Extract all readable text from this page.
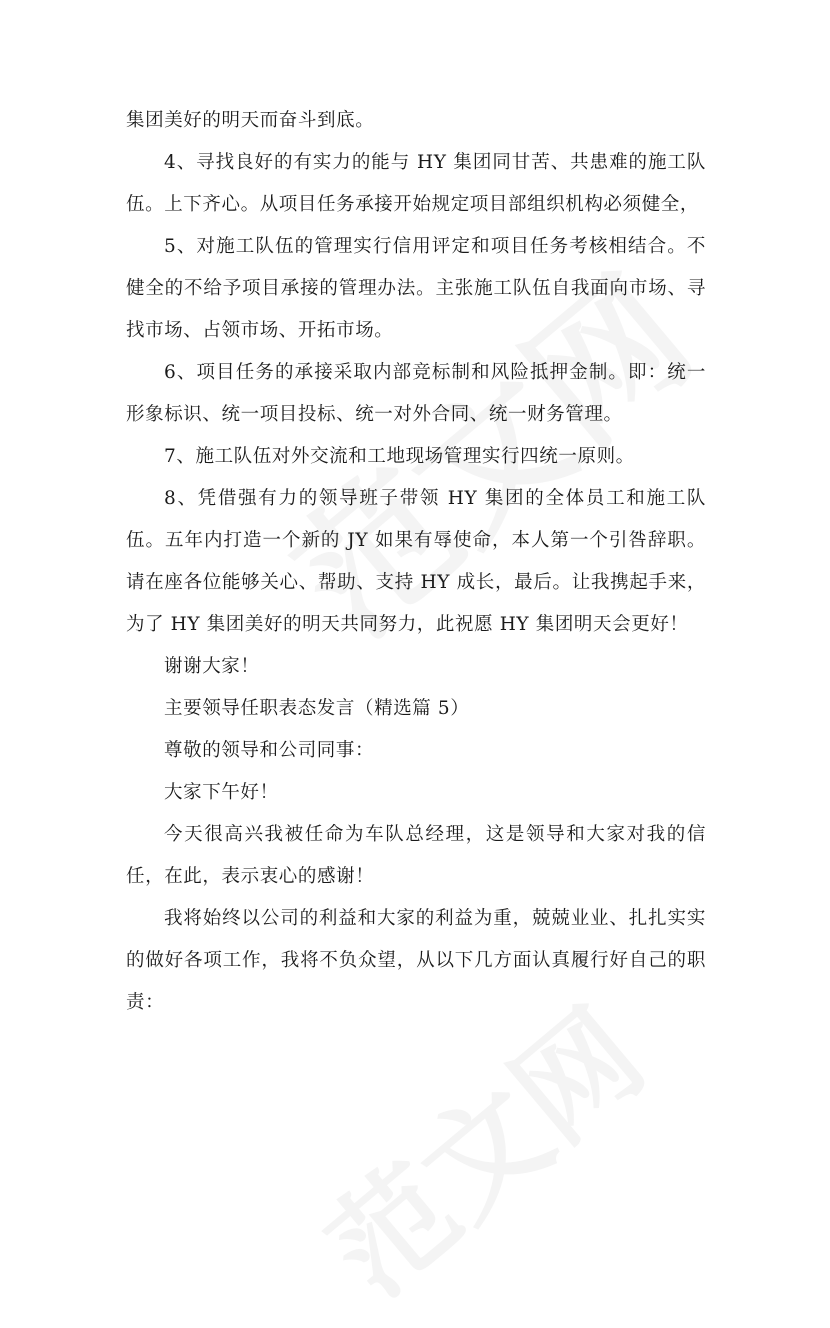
集团美好的明天而奋斗到底。

4、寻找良好的有实力的能与 HY 集团同甘苦、共患难的施工队伍。上下齐心。从项目任务承接开始规定项目部组织机构必须健全，

5、对施工队伍的管理实行信用评定和项目任务考核相结合。不健全的不给予项目承接的管理办法。主张施工队伍自我面向市场、寻找市场、占领市场、开拓市场。

6、项目任务的承接采取内部竞标制和风险抵押金制。即：统一形象标识、统一项目投标、统一对外合同、统一财务管理。

7、施工队伍对外交流和工地现场管理实行四统一原则。

8、凭借强有力的领导班子带领 HY 集团的全体员工和施工队伍。五年内打造一个新的 JY 如果有辱使命，本人第一个引咎辞职。请在座各位能够关心、帮助、支持 HY 成长，最后。让我携起手来，为了 HY 集团美好的明天共同努力，此祝愿 HY 集团明天会更好！

谢谢大家！

主要领导任职表态发言（精选篇 5）

尊敬的领导和公司同事：

大家下午好！

今天很高兴我被任命为车队总经理，这是领导和大家对我的信任，在此，表示衷心的感谢！

我将始终以公司的利益和大家的利益为重，兢兢业业、扎扎实实的做好各项工作，我将不负众望，从以下几方面认真履行好自己的职责：
